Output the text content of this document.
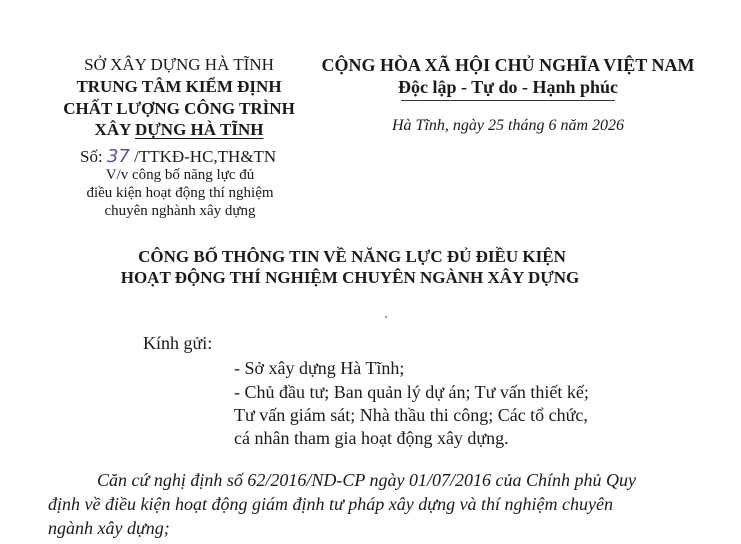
SỞ XÂY DỰNG HÀ TĨNH
TRUNG TÂM KIỂM ĐỊNH
CHẤT LƯỢNG CÔNG TRÌNH
XÂY DỰNG HÀ TĨNH
Số: 37 /TTKĐ-HC,TH&TN
V/v công bố năng lực đủ
điều kiện hoạt động thí nghiệm
chuyên nghành xây dựng
CỘNG HÒA XÃ HỘI CHỦ NGHĨA VIỆT NAM
Độc lập - Tự do - Hạnh phúc
Hà Tĩnh, ngày 25 tháng 6 năm 2026
CÔNG BỐ THÔNG TIN VỀ NĂNG LỰC ĐỦ ĐIỀU KIỆN
HOẠT ĐỘNG THÍ NGHIỆM CHUYÊN NGÀNH XÂY DỰNG
Kính gửi:
- Sở xây dựng Hà Tĩnh;
- Chủ đầu tư; Ban quản lý dự án; Tư vấn thiết kế;
Tư vấn giám sát; Nhà thầu thi công; Các tổ chức,
cá nhân tham gia hoạt động xây dựng.
Căn cứ nghị định số 62/2016/ND-CP ngày 01/07/2016 của Chính phủ Quy
định về điều kiện hoạt động giám định tư pháp xây dựng và thí nghiệm chuyên
ngành xây dựng;
